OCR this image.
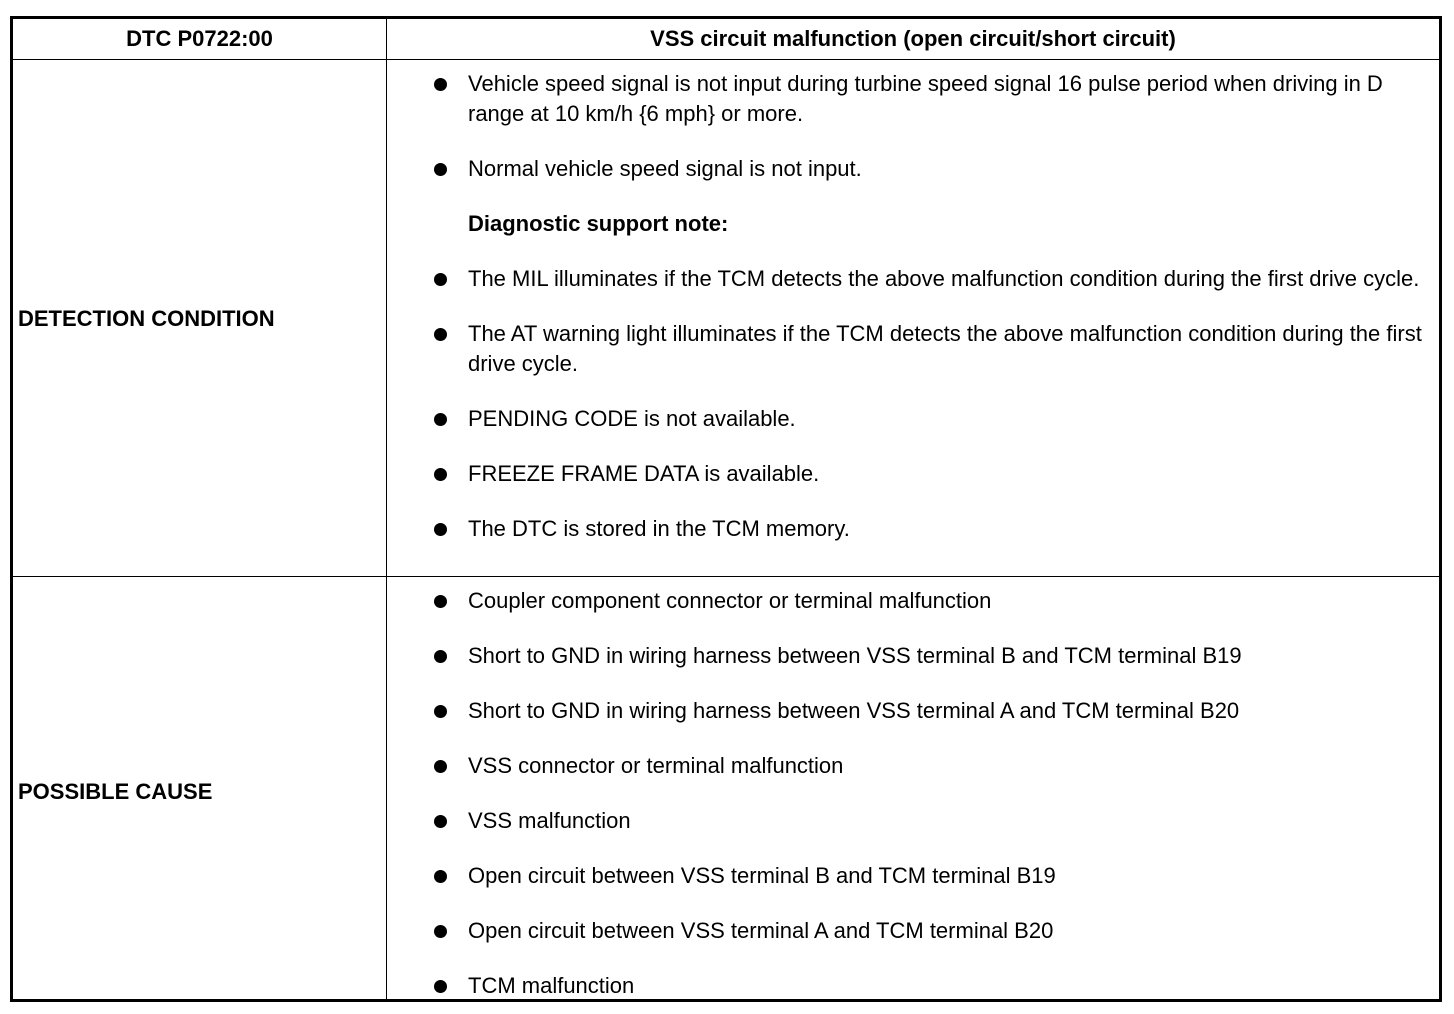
DTC P0722:00	VSS circuit malfunction (open circuit/short circuit)
DETECTION CONDITION
Vehicle speed signal is not input during turbine speed signal 16 pulse period when driving in D range at 10 km/h {6 mph} or more.
Normal vehicle speed signal is not input.
Diagnostic support note:
The MIL illuminates if the TCM detects the above malfunction condition during the first drive cycle.
The AT warning light illuminates if the TCM detects the above malfunction condition during the first drive cycle.
PENDING CODE is not available.
FREEZE FRAME DATA is available.
The DTC is stored in the TCM memory.
POSSIBLE CAUSE
Coupler component connector or terminal malfunction
Short to GND in wiring harness between VSS terminal B and TCM terminal B19
Short to GND in wiring harness between VSS terminal A and TCM terminal B20
VSS connector or terminal malfunction
VSS malfunction
Open circuit between VSS terminal B and TCM terminal B19
Open circuit between VSS terminal A and TCM terminal B20
TCM malfunction
